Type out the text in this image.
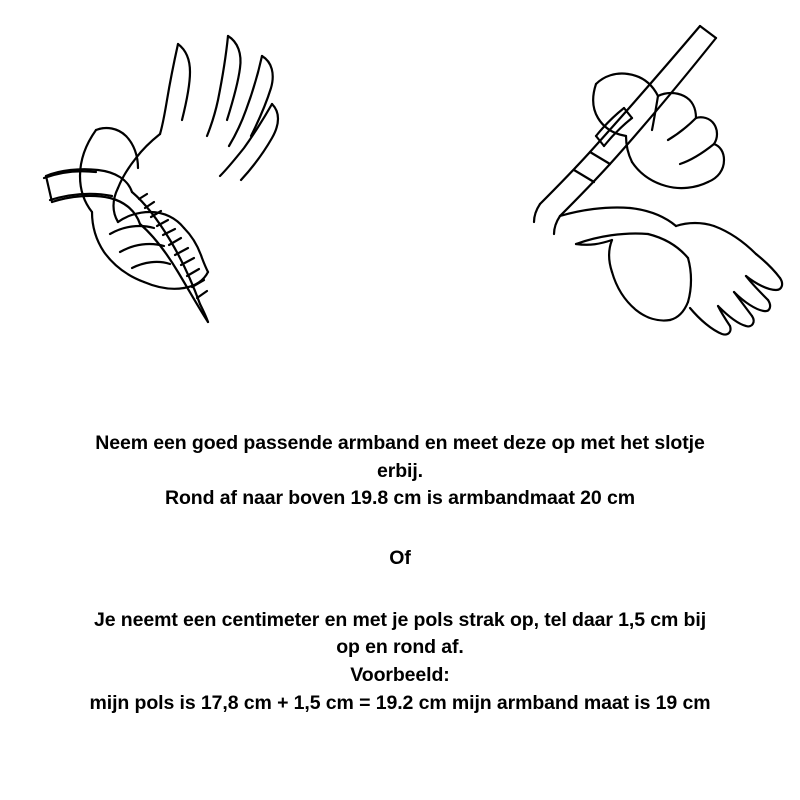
Neem een goed passende armband en meet deze op met het slotje

erbij.

Rond af naar boven 19.8 cm is armbandmaat 20 cm

Of

Je neemt een centimeter en met je pols strak op, tel daar 1,5 cm bij

op en rond af.

Voorbeeld:

mijn pols is 17,8 cm + 1,5 cm = 19.2 cm mijn armband maat is 19 cm
